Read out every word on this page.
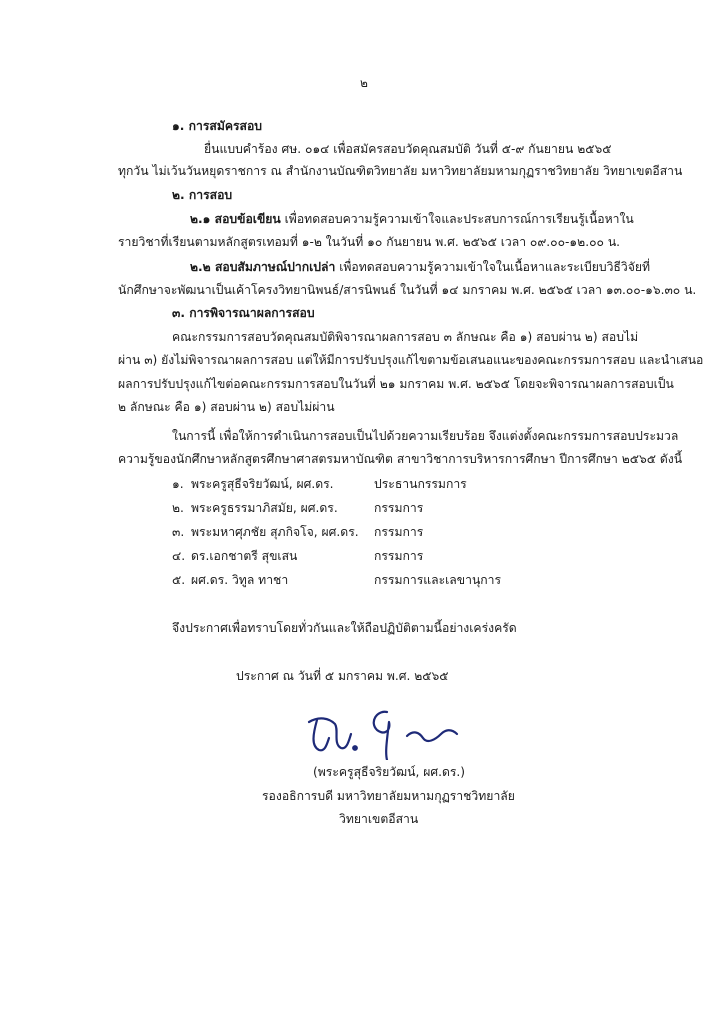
๒
๑. การสมัครสอบ
ยื่นแบบคำร้อง ศษ. ๐๑๔ เพื่อสมัครสอบวัดคุณสมบัติ วันที่ ๕-๙ กันยายน ๒๕๖๕
ทุกวัน ไม่เว้นวันหยุดราชการ ณ สำนักงานบัณฑิตวิทยาลัย มหาวิทยาลัยมหามกุฏราชวิทยาลัย วิทยาเขตอีสาน
๒. การสอบ
๒.๑ สอบข้อเขียน เพื่อทดสอบความรู้ความเข้าใจและประสบการณ์การเรียนรู้เนื้อหาใน
รายวิชาที่เรียนตามหลักสูตรเทอมที่ ๑-๒ ในวันที่ ๑๐ กันยายน พ.ศ. ๒๕๖๕ เวลา ๐๙.๐๐-๑๒.๐๐ น.
๒.๒ สอบสัมภาษณ์ปากเปล่า เพื่อทดสอบความรู้ความเข้าใจในเนื้อหาและระเบียบวิธีวิจัยที่
นักศึกษาจะพัฒนาเป็นเค้าโครงวิทยานิพนธ์/สารนิพนธ์ ในวันที่ ๑๔ มกราคม พ.ศ. ๒๕๖๕ เวลา ๑๓.๐๐-๑๖.๓๐ น.
๓. การพิจารณาผลการสอบ
คณะกรรมการสอบวัดคุณสมบัติพิจารณาผลการสอบ ๓ ลักษณะ คือ ๑) สอบผ่าน ๒) สอบไม่
ผ่าน ๓) ยังไม่พิจารณาผลการสอบ แต่ให้มีการปรับปรุงแก้ไขตามข้อเสนอแนะของคณะกรรมการสอบ และนำเสนอ
ผลการปรับปรุงแก้ไขต่อคณะกรรมการสอบในวันที่ ๒๑ มกราคม พ.ศ. ๒๕๖๕ โดยจะพิจารณาผลการสอบเป็น
๒ ลักษณะ คือ ๑) สอบผ่าน ๒) สอบไม่ผ่าน
ในการนี้ เพื่อให้การดำเนินการสอบเป็นไปด้วยความเรียบร้อย จึงแต่งตั้งคณะกรรมการสอบประมวล
ความรู้ของนักศึกษาหลักสูตรศึกษาศาสตรมหาบัณฑิต สาขาวิชาการบริหารการศึกษา ปีการศึกษา ๒๕๖๕ ดังนี้
๑. พระครูสุธีจริยวัฒน์, ผศ.ดร.	ประธานกรรมการ
๒. พระครูธรรมาภิสมัย, ผศ.ดร.	กรรมการ
๓. พระมหาศุภชัย สุภกิจโจ, ผศ.ดร. กรรมการ
๔. ดร.เอกชาตรี สุขเสน	กรรมการ
๕. ผศ.ดร. วิทูล ทาชา	กรรมการและเลขานุการ
จึงประกาศเพื่อทราบโดยทั่วกันและให้ถือปฏิบัติตามนี้อย่างเคร่งครัด
ประกาศ ณ วันที่ ๕ มกราคม พ.ศ. ๒๕๖๕
(พระครูสุธีจริยวัฒน์, ผศ.ดร.)
รองอธิการบดี มหาวิทยาลัยมหามกุฏราชวิทยาลัย
วิทยาเขตอีสาน
